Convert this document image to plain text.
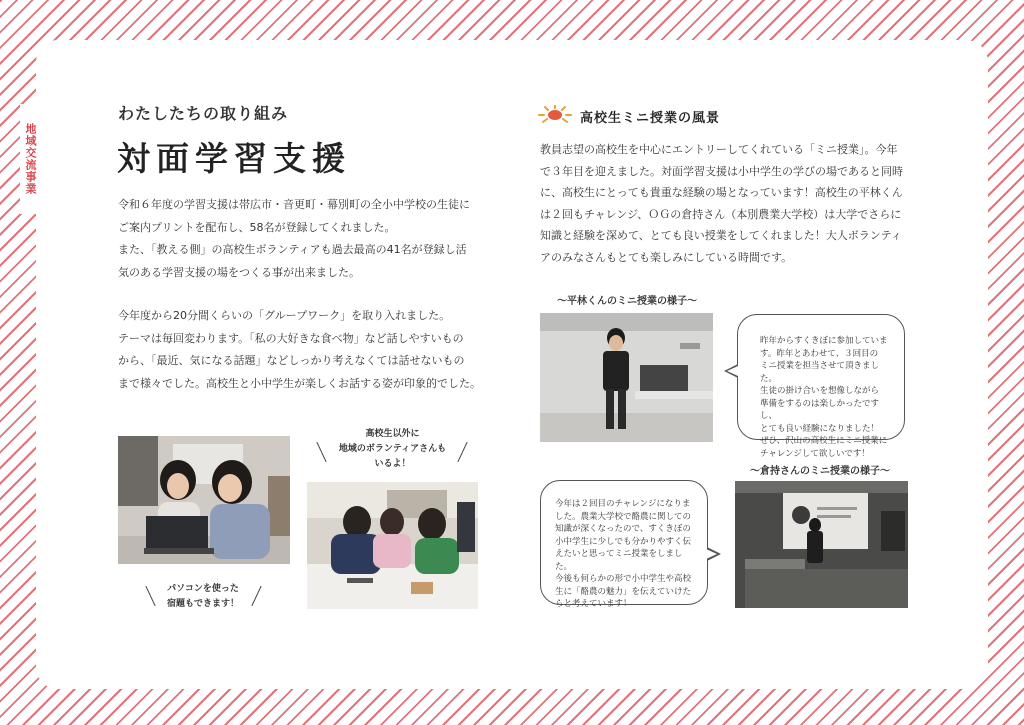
地域交流事業
わたしたちの取り組み
対面学習支援
令和６年度の学習支援は帯広市・音更町・幕別町の全小中学校の生徒に
ご案内プリントを配布し、58名が登録してくれました。
また、「教える側」の高校生ボランティアも過去最高の41名が登録し活
気のある学習支援の場をつくる事が出来ました。
今年度から20分間くらいの「グループワーク」を取り入れました。
テーマは毎回変わります。「私の大好きな食べ物」など話しやすいもの
から、「最近、気になる話題」などしっかり考えなくては話せないもの
まで様々でした。高校生と小中学生が楽しくお話する姿が印象的でした。
高校生以外に
地域のボランティアさんも
いるよ！
パソコンを使った
宿題もできます！
高校生ミニ授業の風景
教員志望の高校生を中心にエントリーしてくれている「ミニ授業」。今年
で３年目を迎えました。対面学習支援は小中学生の学びの場であると同時
に、高校生にとっても貴重な経験の場となっています！高校生の平林くん
は２回もチャレンジ、ＯＧの倉持さん（本別農業大学校）は大学でさらに
知識と経験を深めて、とても良い授業をしてくれました！大人ボランティ
アのみなさんもとても楽しみにしている時間です。
～平林くんのミニ授業の様子～
昨年からすくきぼに参加していま
す。昨年とあわせて、３回目の
ミニ授業を担当させて頂きました。
生徒の掛け合いを想像しながら
準備をするのは楽しかったですし、
とても良い経験になりました！
ぜひ、沢山の高校生にミニ授業に
チャレンジして欲しいです！
～倉持さんのミニ授業の様子～
今年は２回目のチャレンジになりま
した。農業大学校で酪農に関しての
知識が深くなったので、すくきぼの
小中学生に少しでも分かりやすく伝
えたいと思ってミニ授業をしました。
今後も何らかの形で小中学生や高校
生に「酪農の魅力」を伝えていけた
らと考えています！
